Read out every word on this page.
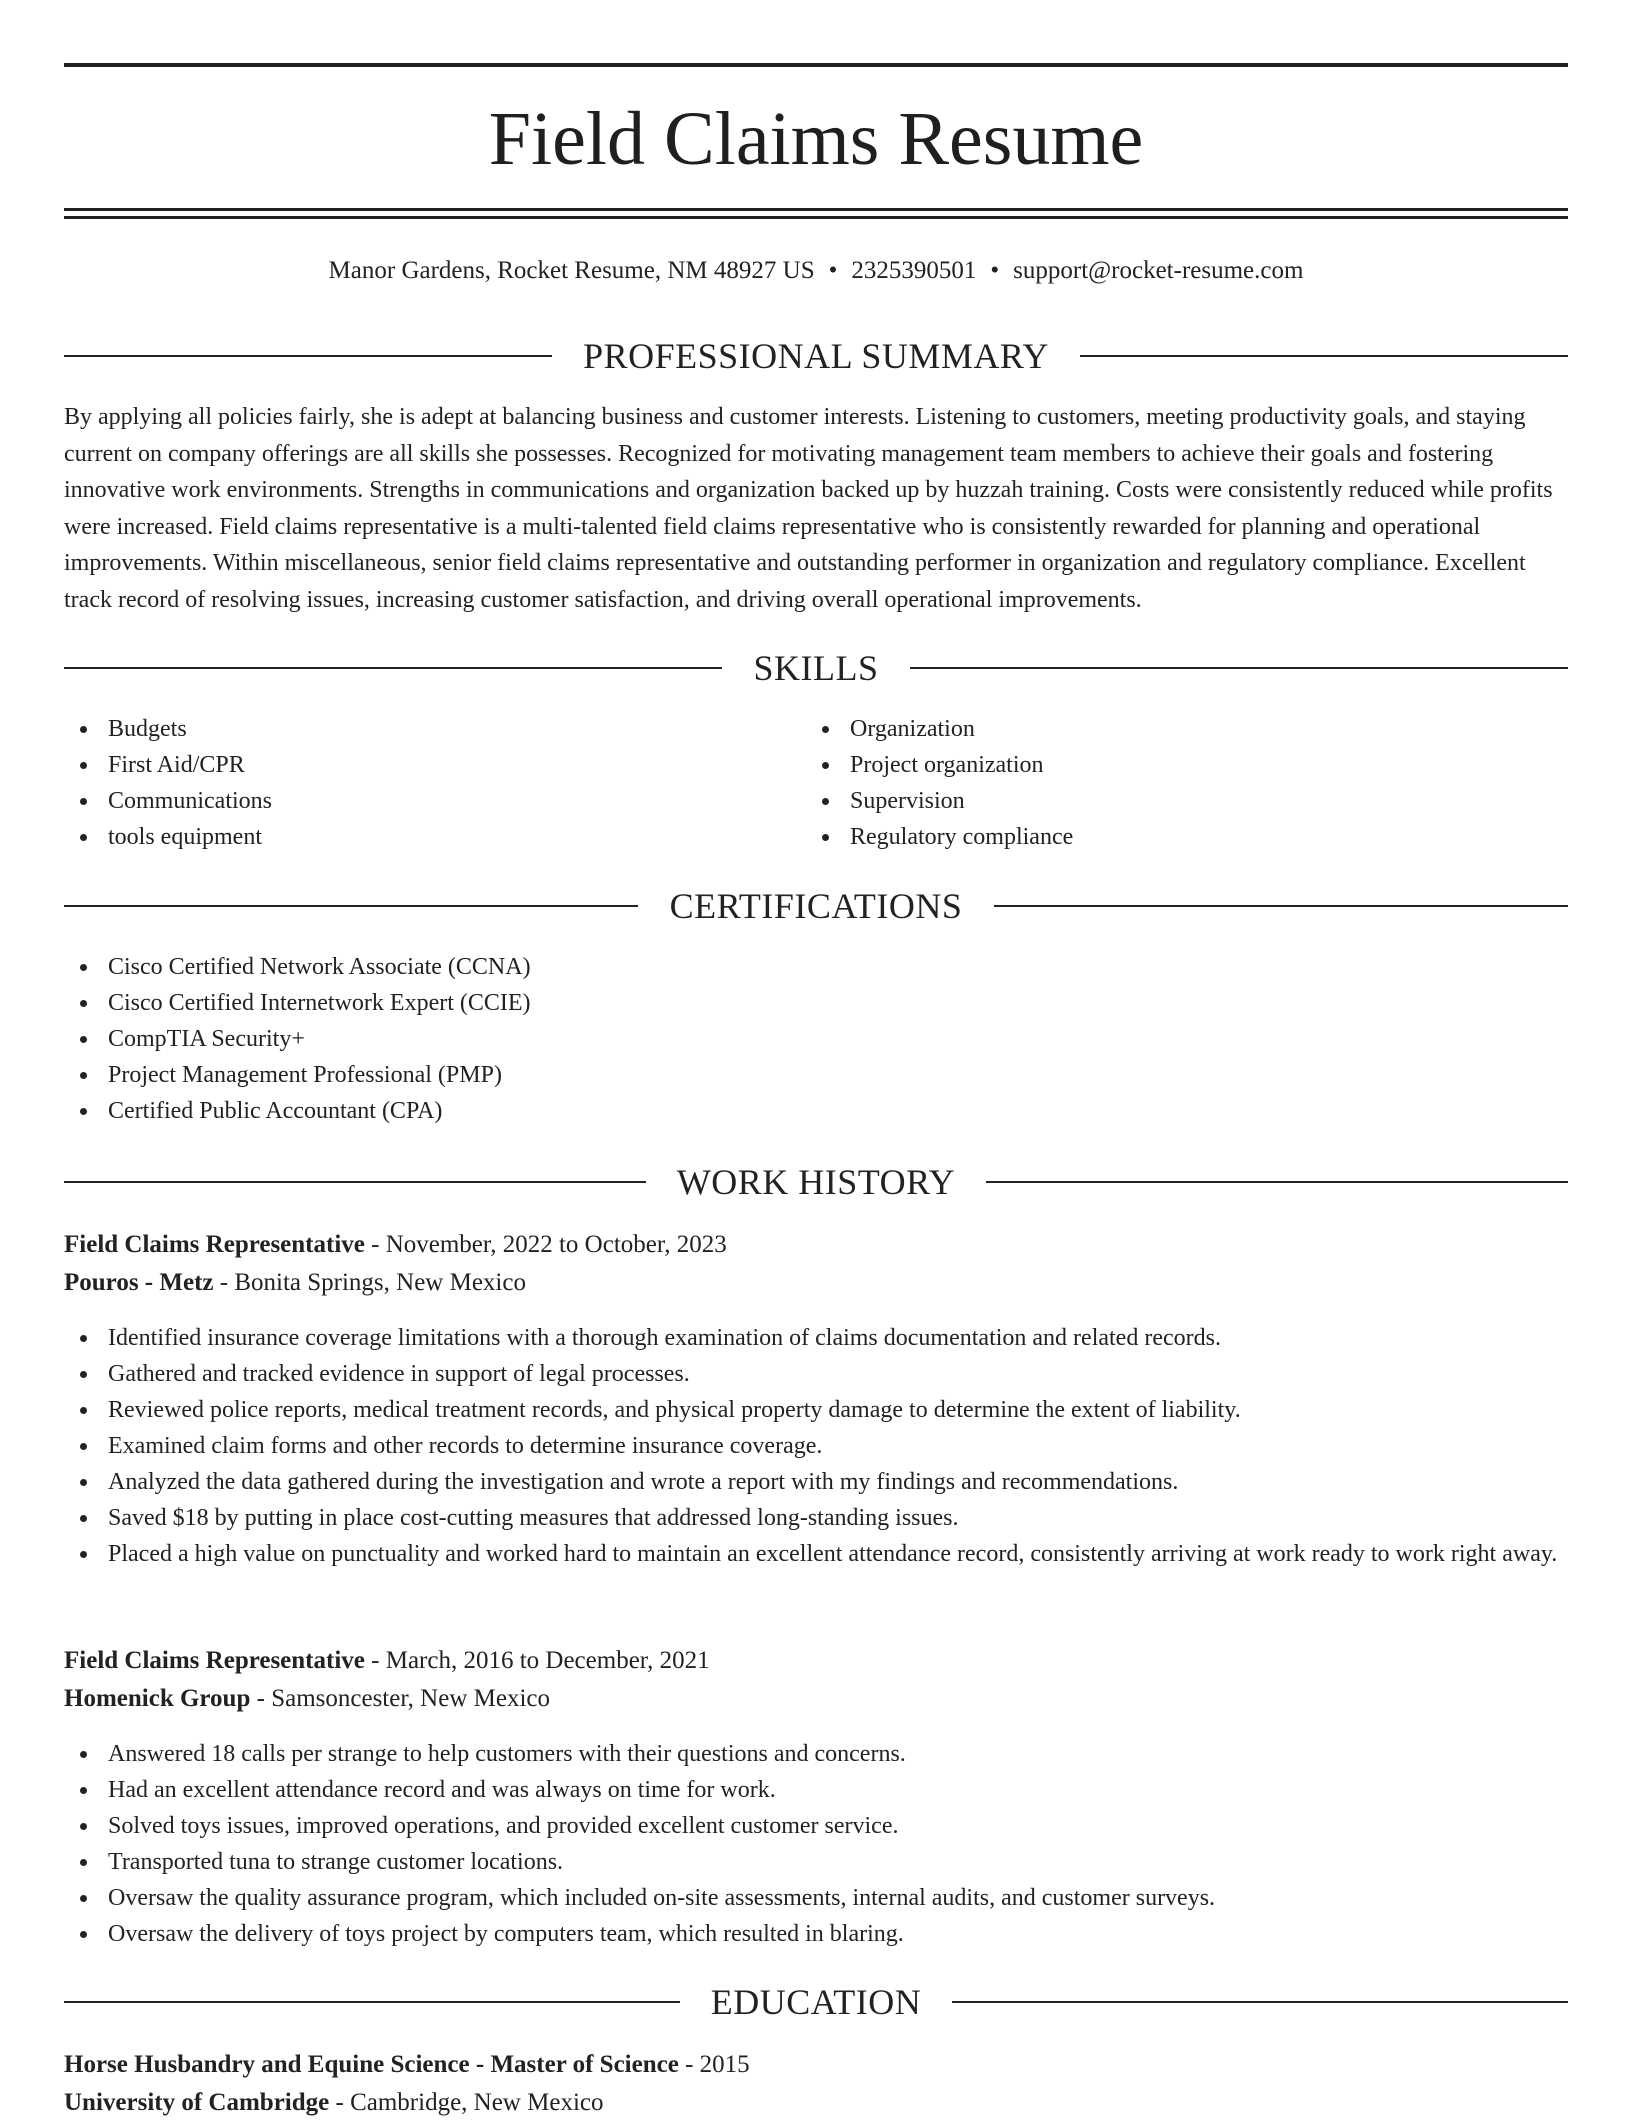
Field Claims Resume
Manor Gardens, Rocket Resume, NM 48927 US • 2325390501 • support@rocket-resume.com
PROFESSIONAL SUMMARY
By applying all policies fairly, she is adept at balancing business and customer interests. Listening to customers, meeting productivity goals, and staying current on company offerings are all skills she possesses. Recognized for motivating management team members to achieve their goals and fostering innovative work environments. Strengths in communications and organization backed up by huzzah training. Costs were consistently reduced while profits were increased. Field claims representative is a multi-talented field claims representative who is consistently rewarded for planning and operational improvements. Within miscellaneous, senior field claims representative and outstanding performer in organization and regulatory compliance. Excellent track record of resolving issues, increasing customer satisfaction, and driving overall operational improvements.
SKILLS
Budgets
First Aid/CPR
Communications
tools equipment
Organization
Project organization
Supervision
Regulatory compliance
CERTIFICATIONS
Cisco Certified Network Associate (CCNA)
Cisco Certified Internetwork Expert (CCIE)
CompTIA Security+
Project Management Professional (PMP)
Certified Public Accountant (CPA)
WORK HISTORY
Field Claims Representative - November, 2022 to October, 2023
Pouros - Metz - Bonita Springs, New Mexico
Identified insurance coverage limitations with a thorough examination of claims documentation and related records.
Gathered and tracked evidence in support of legal processes.
Reviewed police reports, medical treatment records, and physical property damage to determine the extent of liability.
Examined claim forms and other records to determine insurance coverage.
Analyzed the data gathered during the investigation and wrote a report with my findings and recommendations.
Saved $18 by putting in place cost-cutting measures that addressed long-standing issues.
Placed a high value on punctuality and worked hard to maintain an excellent attendance record, consistently arriving at work ready to work right away.
Field Claims Representative - March, 2016 to December, 2021
Homenick Group - Samsoncester, New Mexico
Answered 18 calls per strange to help customers with their questions and concerns.
Had an excellent attendance record and was always on time for work.
Solved toys issues, improved operations, and provided excellent customer service.
Transported tuna to strange customer locations.
Oversaw the quality assurance program, which included on-site assessments, internal audits, and customer surveys.
Oversaw the delivery of toys project by computers team, which resulted in blaring.
EDUCATION
Horse Husbandry and Equine Science - Master of Science - 2015
University of Cambridge - Cambridge, New Mexico
